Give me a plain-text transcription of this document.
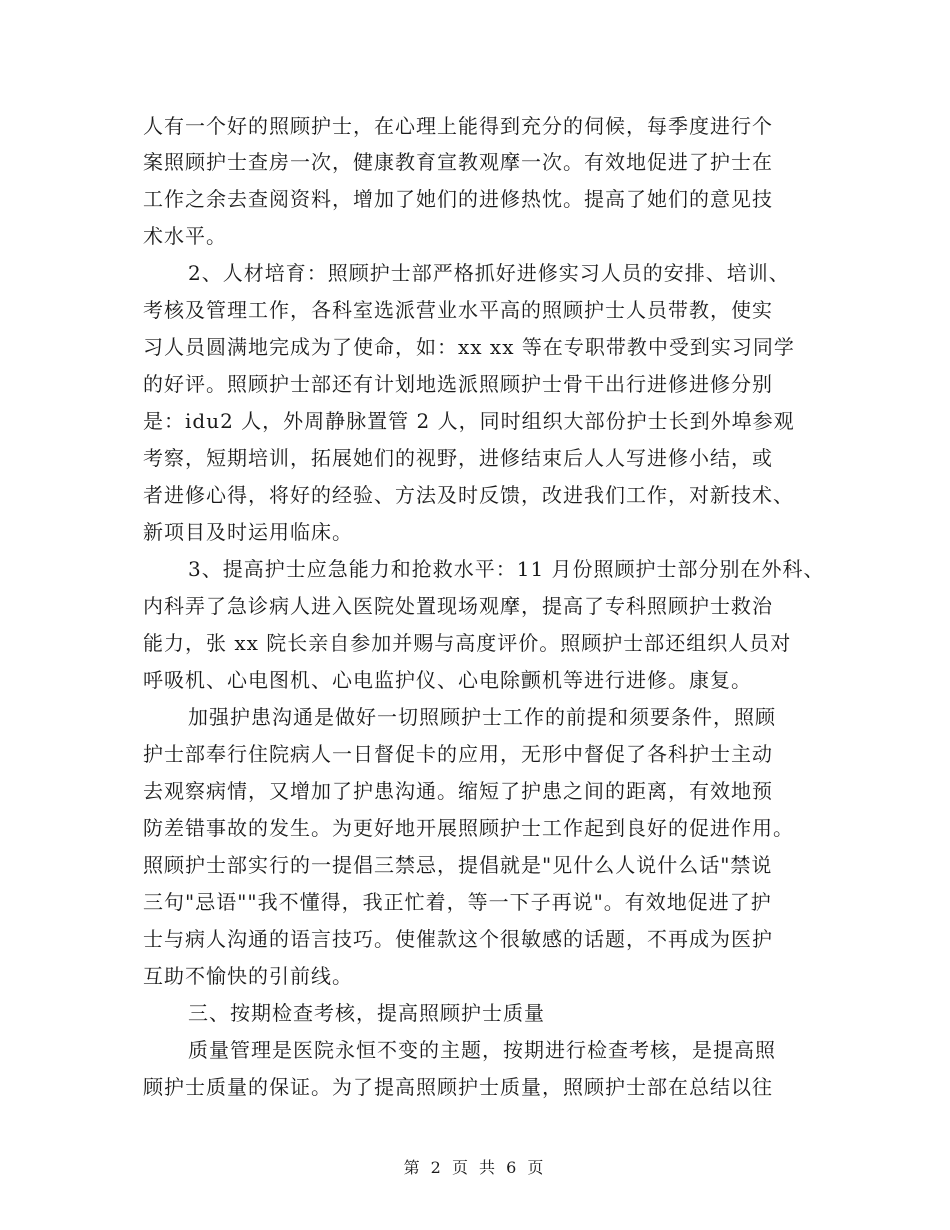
人有一个好的照顾护士，在心理上能得到充分的伺候，每季度进行个
案照顾护士查房一次，健康教育宣教观摩一次。有效地促进了护士在
工作之余去查阅资料，增加了她们的进修热忱。提高了她们的意见技
术水平。
2、人材培育：照顾护士部严格抓好进修实习人员的安排、培训、
考核及管理工作，各科室选派营业水平高的照顾护士人员带教，使实
习人员圆满地完成为了使命，如：xx xx 等在专职带教中受到实习同学
的好评。照顾护士部还有计划地选派照顾护士骨干出行进修进修分别
是：idu2 人，外周静脉置管 2 人，同时组织大部份护士长到外埠参观
考察，短期培训，拓展她们的视野，进修结束后人人写进修小结，或
者进修心得，将好的经验、方法及时反馈，改进我们工作，对新技术、
新项目及时运用临床。
3、提高护士应急能力和抢救水平：11 月份照顾护士部分别在外科、
内科弄了急诊病人进入医院处置现场观摩，提高了专科照顾护士救治
能力，张 xx 院长亲自参加并赐与高度评价。照顾护士部还组织人员对
呼吸机、心电图机、心电监护仪、心电除颤机等进行进修。康复。
加强护患沟通是做好一切照顾护士工作的前提和须要条件，照顾
护士部奉行住院病人一日督促卡的应用，无形中督促了各科护士主动
去观察病情，又增加了护患沟通。缩短了护患之间的距离，有效地预
防差错事故的发生。为更好地开展照顾护士工作起到良好的促进作用。
照顾护士部实行的一提倡三禁忌，提倡就是"见什么人说什么话"禁说
三句"忌语""我不懂得，我正忙着，等一下子再说"。有效地促进了护
士与病人沟通的语言技巧。使催款这个很敏感的话题，不再成为医护
互助不愉快的引前线。
三、按期检查考核，提高照顾护士质量
质量管理是医院永恒不变的主题，按期进行检查考核，是提高照
顾护士质量的保证。为了提高照顾护士质量，照顾护士部在总结以往
第 2 页 共 6 页
